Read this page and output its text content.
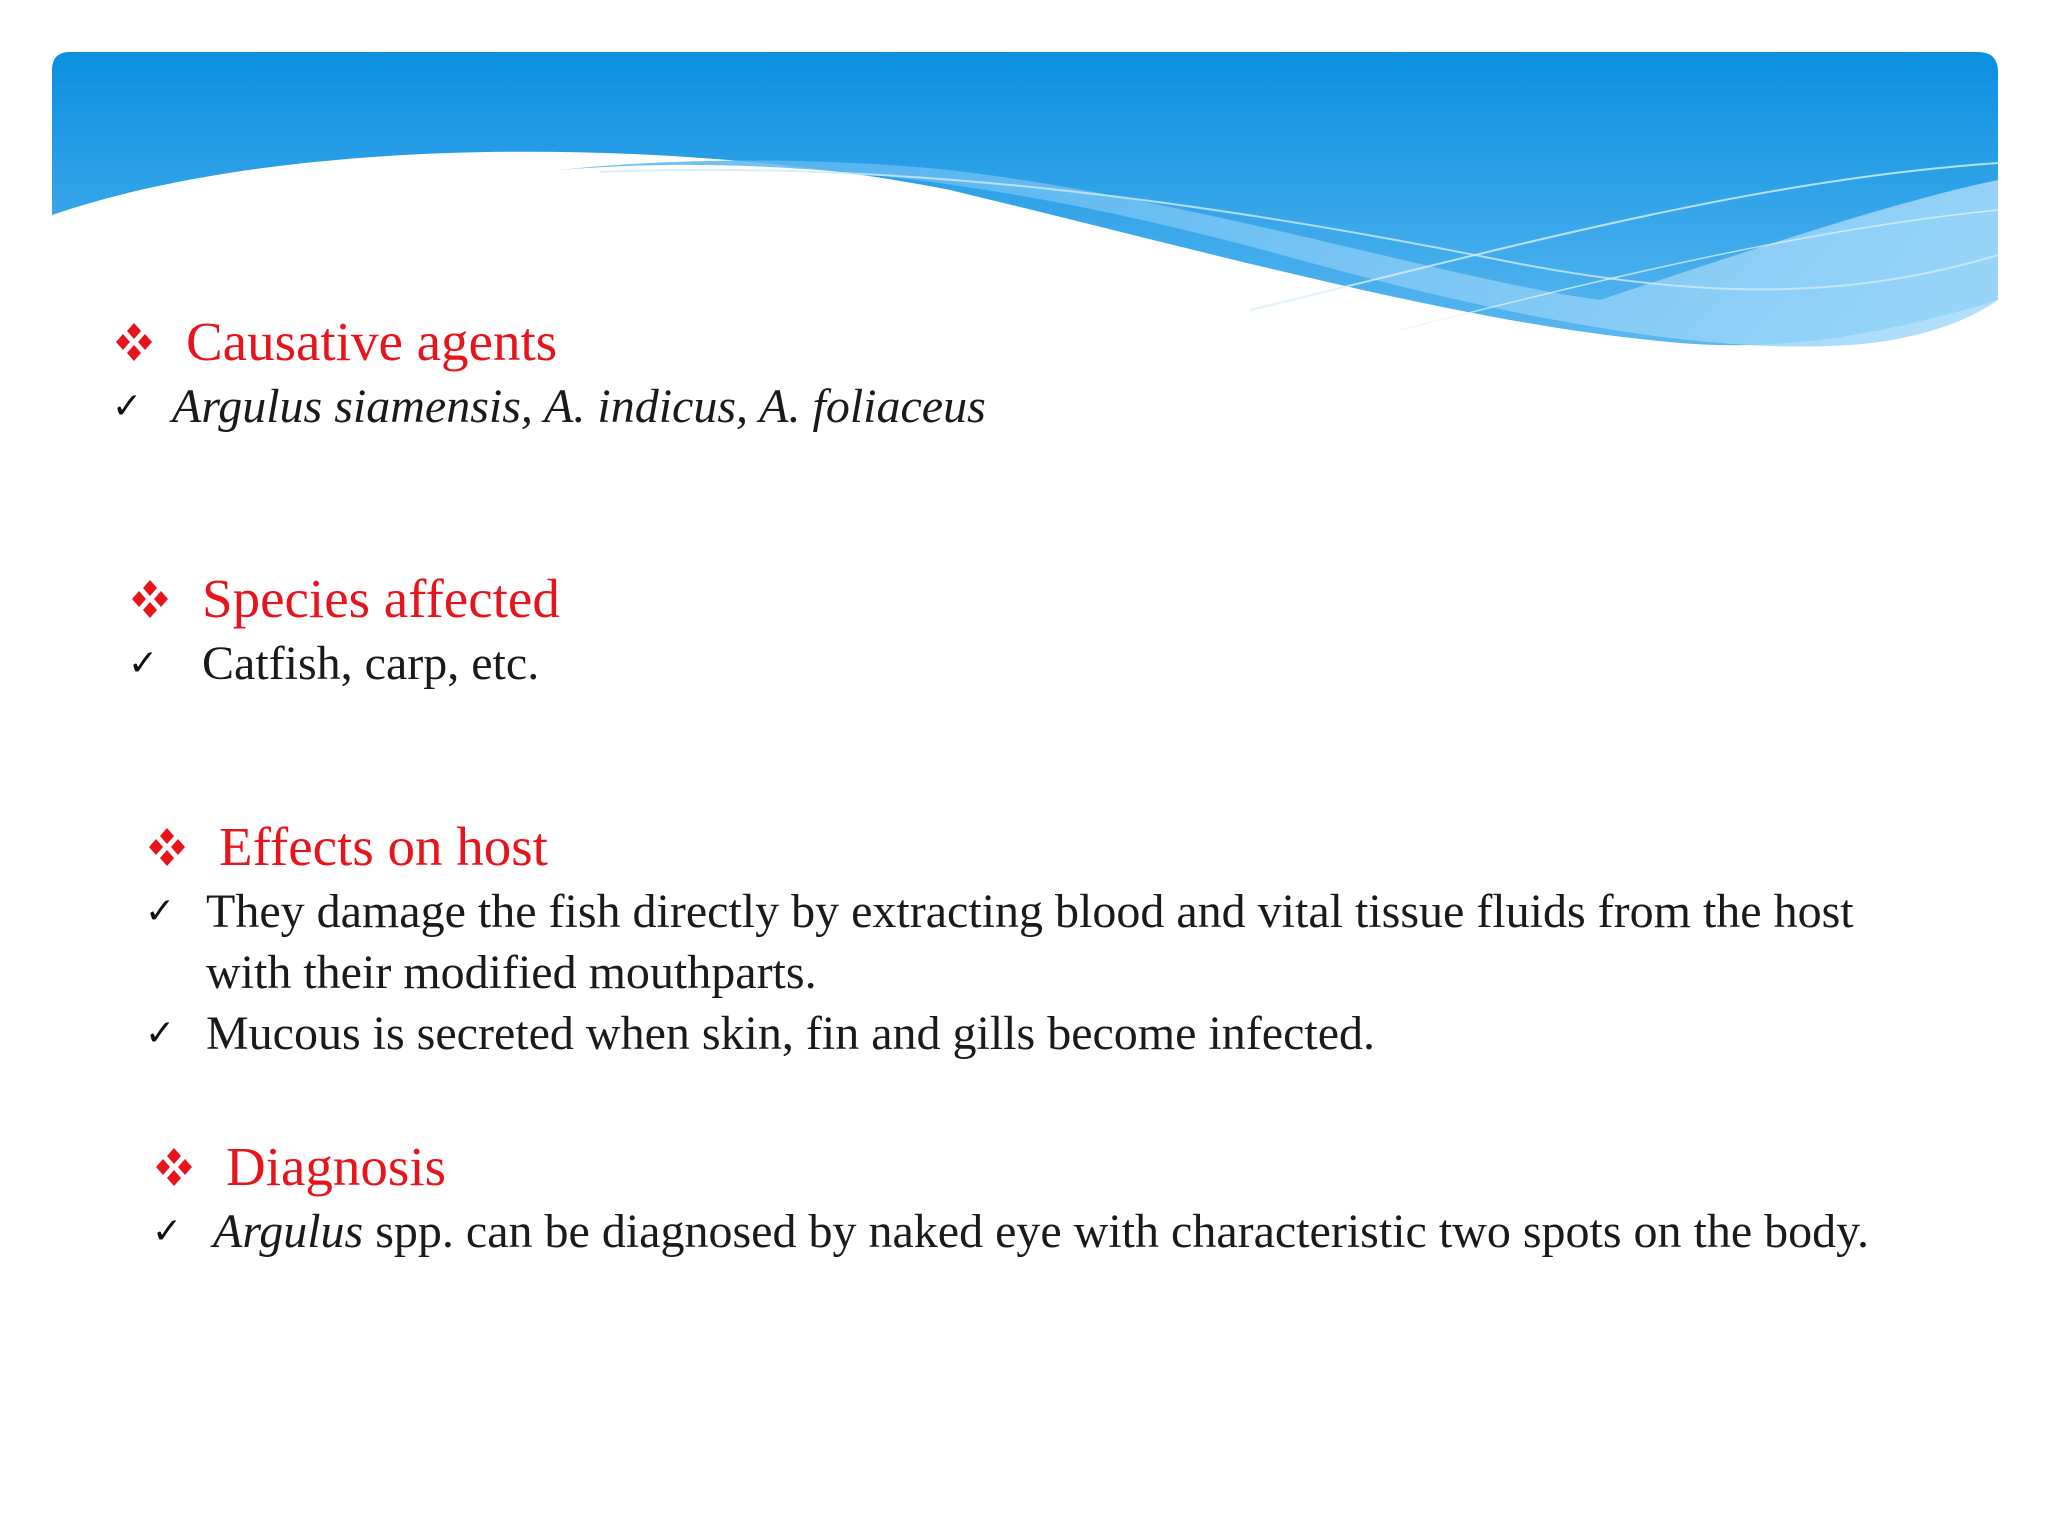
Causative agents
✓ Argulus siamensis, A. indicus, A. foliaceus
Species affected
✓ Catfish, carp, etc.
Effects on host
✓ They damage the fish directly by extracting blood and vital tissue fluids from the host with their modified mouthparts.
✓ Mucous is secreted when skin, fin and gills become infected.
Diagnosis
✓ Argulus spp. can be diagnosed by naked eye with characteristic two spots on the body.
